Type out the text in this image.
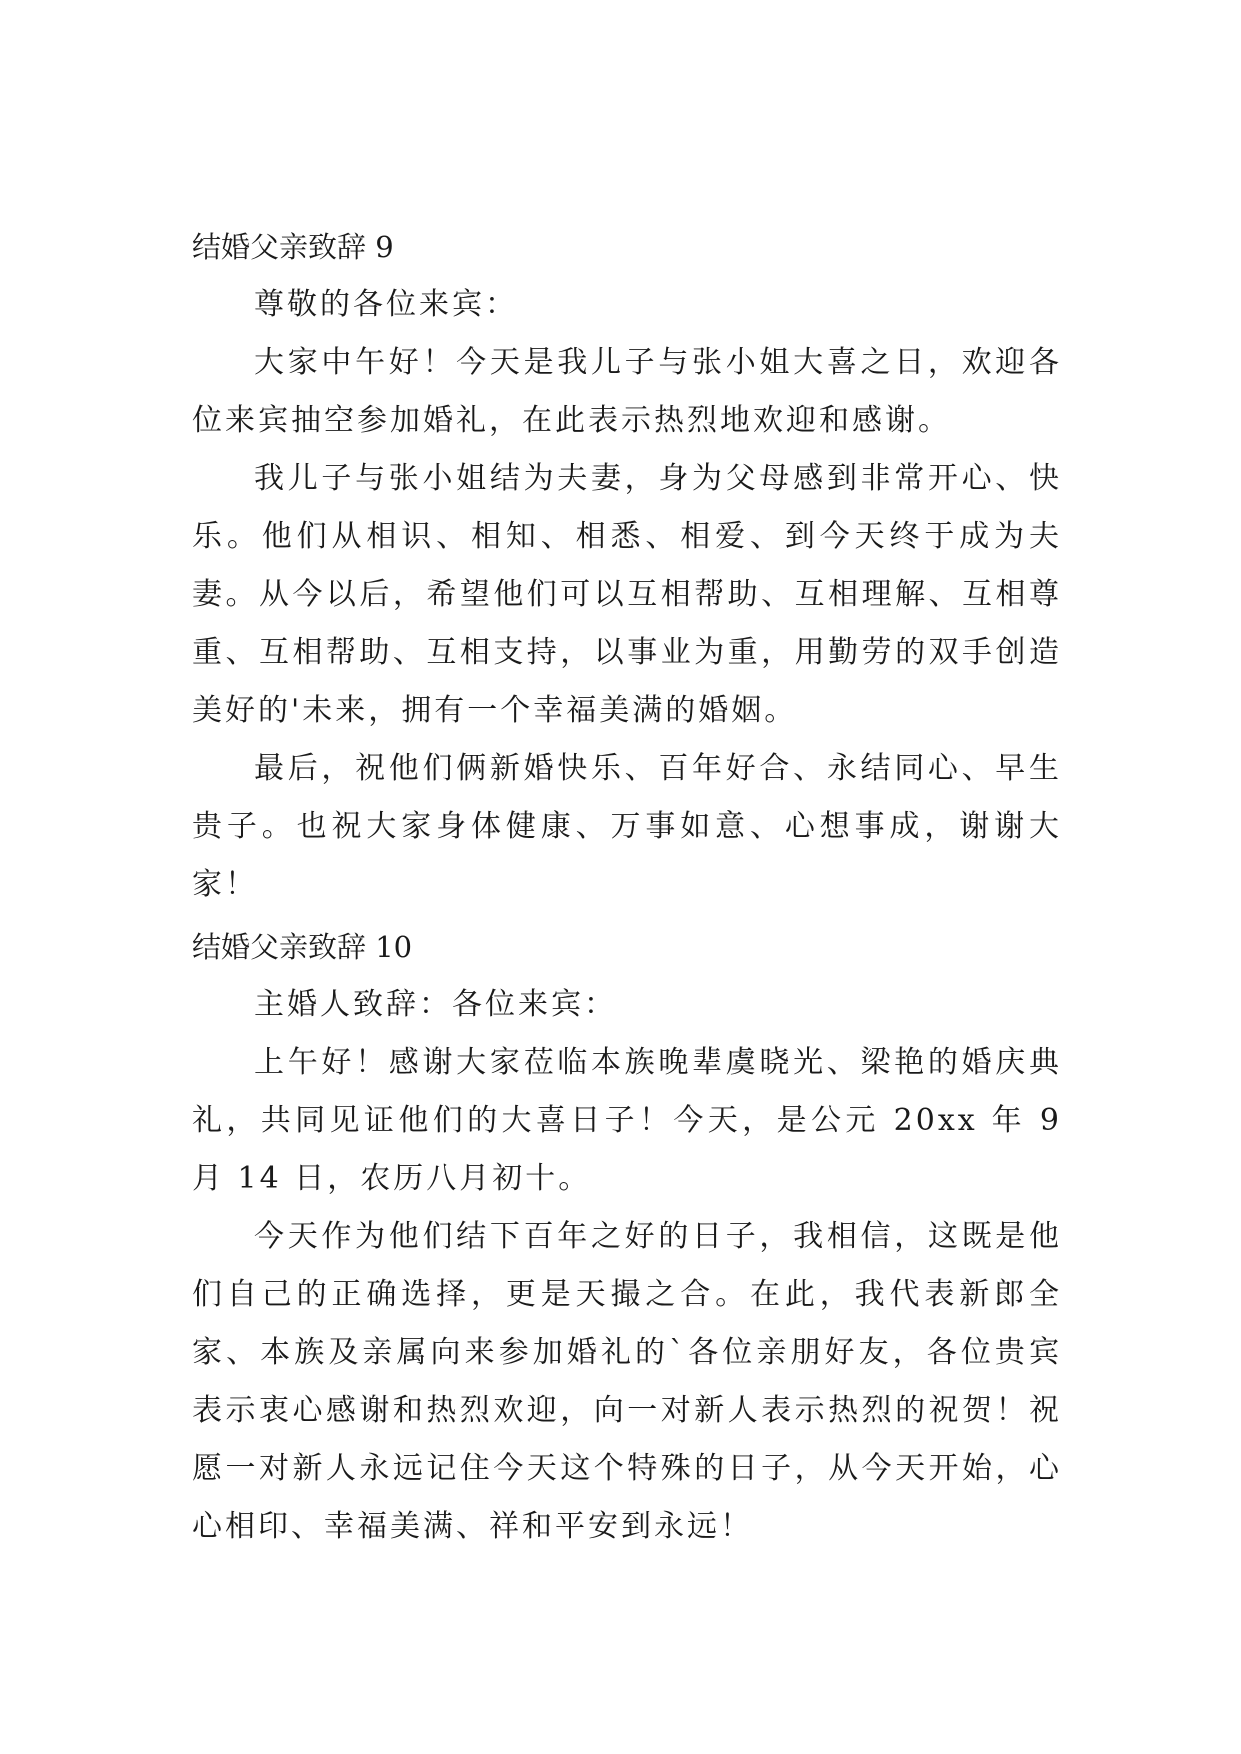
结婚父亲致辞 9

尊敬的各位来宾：

大家中午好！今天是我儿子与张小姐大喜之日，欢迎各位来宾抽空参加婚礼，在此表示热烈地欢迎和感谢。

我儿子与张小姐结为夫妻，身为父母感到非常开心、快乐。他们从相识、相知、相悉、相爱、到今天终于成为夫妻。从今以后，希望他们可以互相帮助、互相理解、互相尊重、互相帮助、互相支持，以事业为重，用勤劳的双手创造美好的'未来，拥有一个幸福美满的婚姻。

最后，祝他们俩新婚快乐、百年好合、永结同心、早生贵子。也祝大家身体健康、万事如意、心想事成，谢谢大家！

结婚父亲致辞 10

主婚人致辞：各位来宾：

上午好！感谢大家莅临本族晚辈虞晓光、梁艳的婚庆典礼，共同见证他们的大喜日子！今天，是公元 20xx 年 9 月 14 日，农历八月初十。

今天作为他们结下百年之好的日子，我相信，这既是他们自己的正确选择，更是天撮之合。在此，我代表新郎全家、本族及亲属向来参加婚礼的`各位亲朋好友，各位贵宾表示衷心感谢和热烈欢迎，向一对新人表示热烈的祝贺！祝愿一对新人永远记住今天这个特殊的日子，从今天开始，心心相印、幸福美满、祥和平安到永远！
